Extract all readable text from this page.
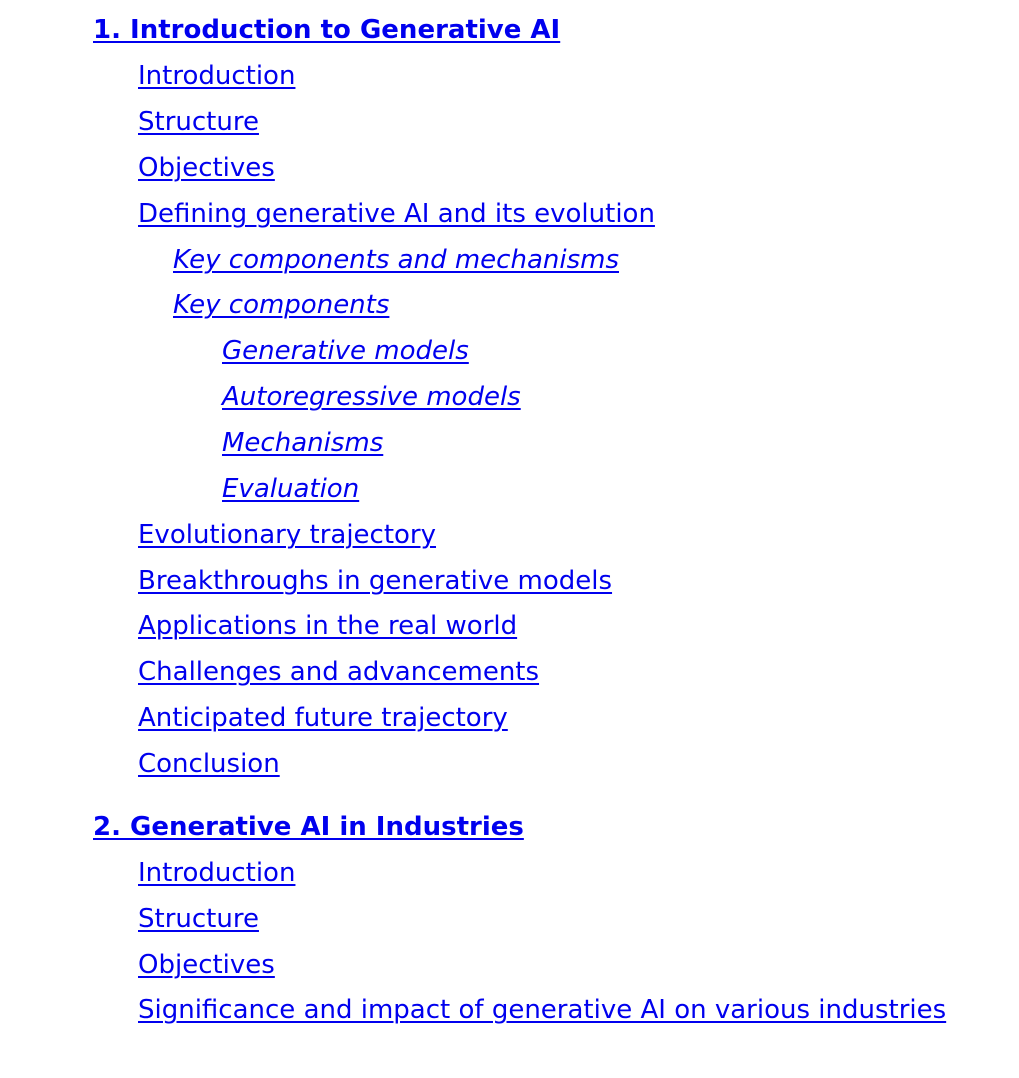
1. Introduction to Generative AI
Introduction
Structure
Objectives
Defining generative AI and its evolution
Key components and mechanisms
Key components
Generative models
Autoregressive models
Mechanisms
Evaluation
Evolutionary trajectory
Breakthroughs in generative models
Applications in the real world
Challenges and advancements
Anticipated future trajectory
Conclusion
2. Generative AI in Industries
Introduction
Structure
Objectives
Significance and impact of generative AI on various industries
